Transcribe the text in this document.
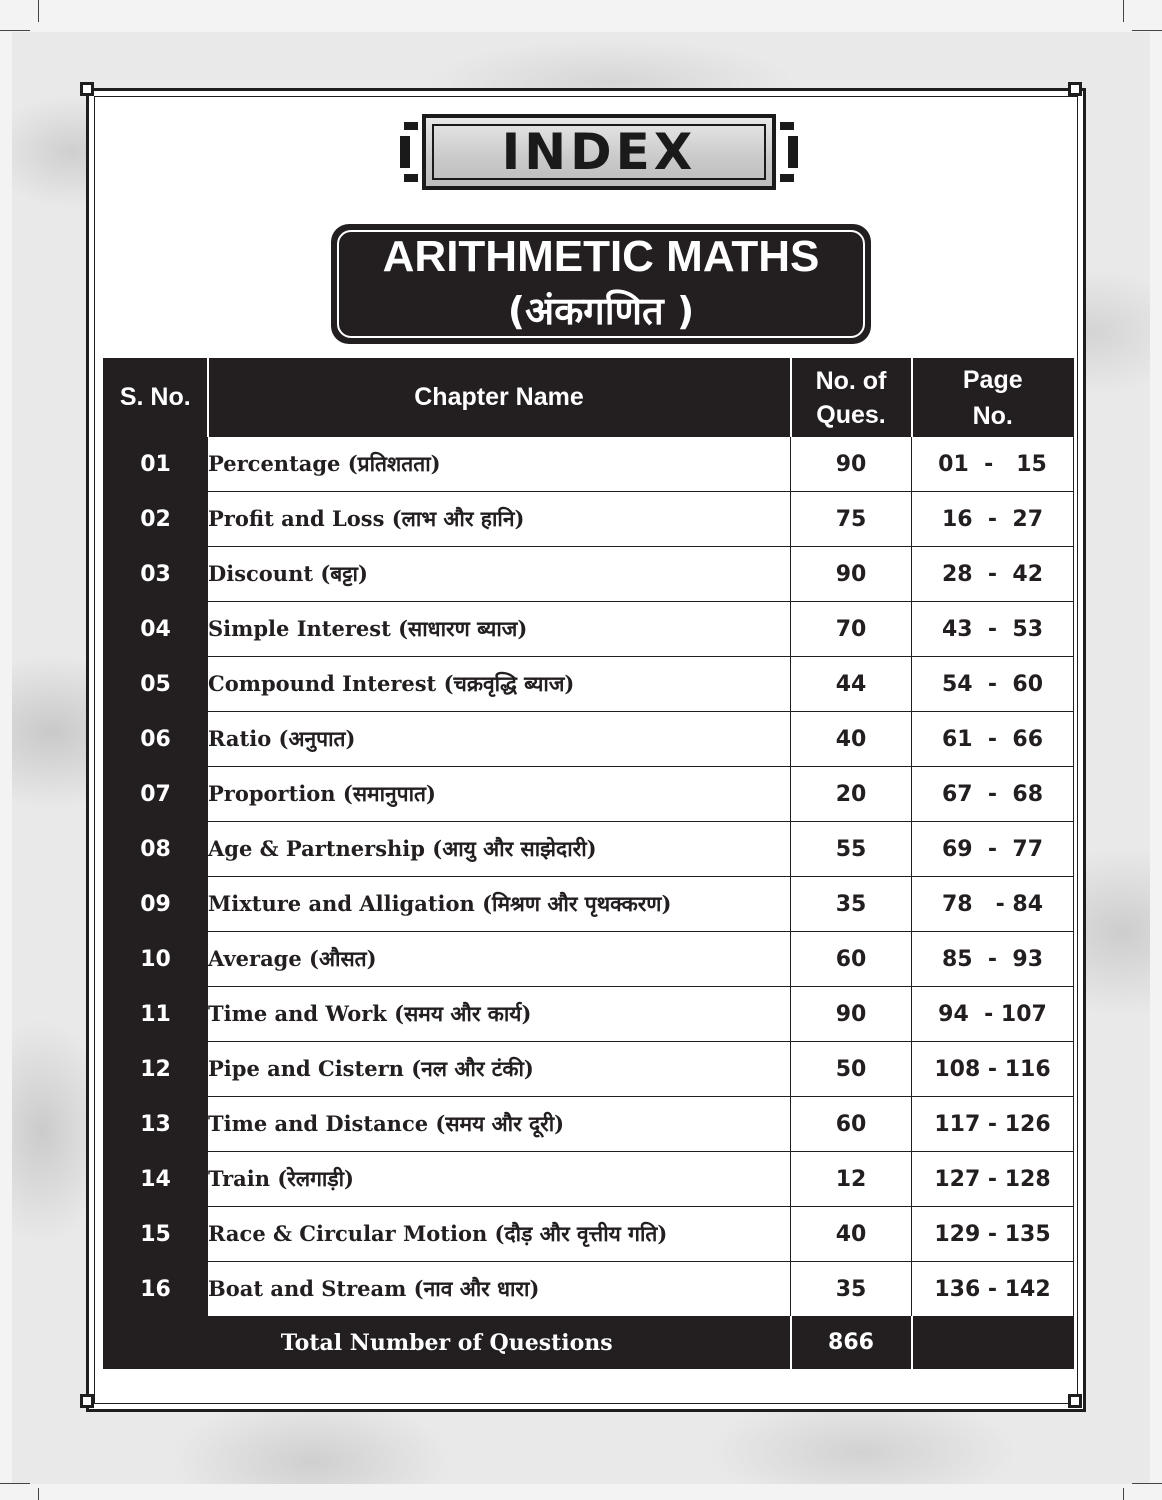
INDEX
ARITHMETIC MATHS
(अंकगणित )
S. No.	Chapter Name	No. of Ques.	Page No.
01	Percentage (प्रतिशतता)	90	01  -   15
02	Profit and Loss (लाभ और हानि)	75	16  -  27
03	Discount (बट्टा)	90	28  -  42
04	Simple Interest (साधारण ब्याज)	70	43  -  53
05	Compound Interest (चक्रवृद्धि ब्याज)	44	54  -  60
06	Ratio (अनुपात)	40	61  -  66
07	Proportion (समानुपात)	20	67  -  68
08	Age & Partnership (आयु और साझेदारी)	55	69  -  77
09	Mixture and Alligation (मिश्रण और पृथक्करण)	35	78   - 84
10	Average (औसत)	60	85  -  93
11	Time and Work (समय और कार्य)	90	94  - 107
12	Pipe and Cistern (नल और टंकी)	50	108 - 116
13	Time and Distance (समय और दूरी)	60	117 - 126
14	Train (रेलगाड़ी)	12	127 - 128
15	Race & Circular Motion (दौड़ और वृत्तीय गति)	40	129 - 135
16	Boat and Stream (नाव और धारा)	35	136 - 142
Total Number of Questions		866	
